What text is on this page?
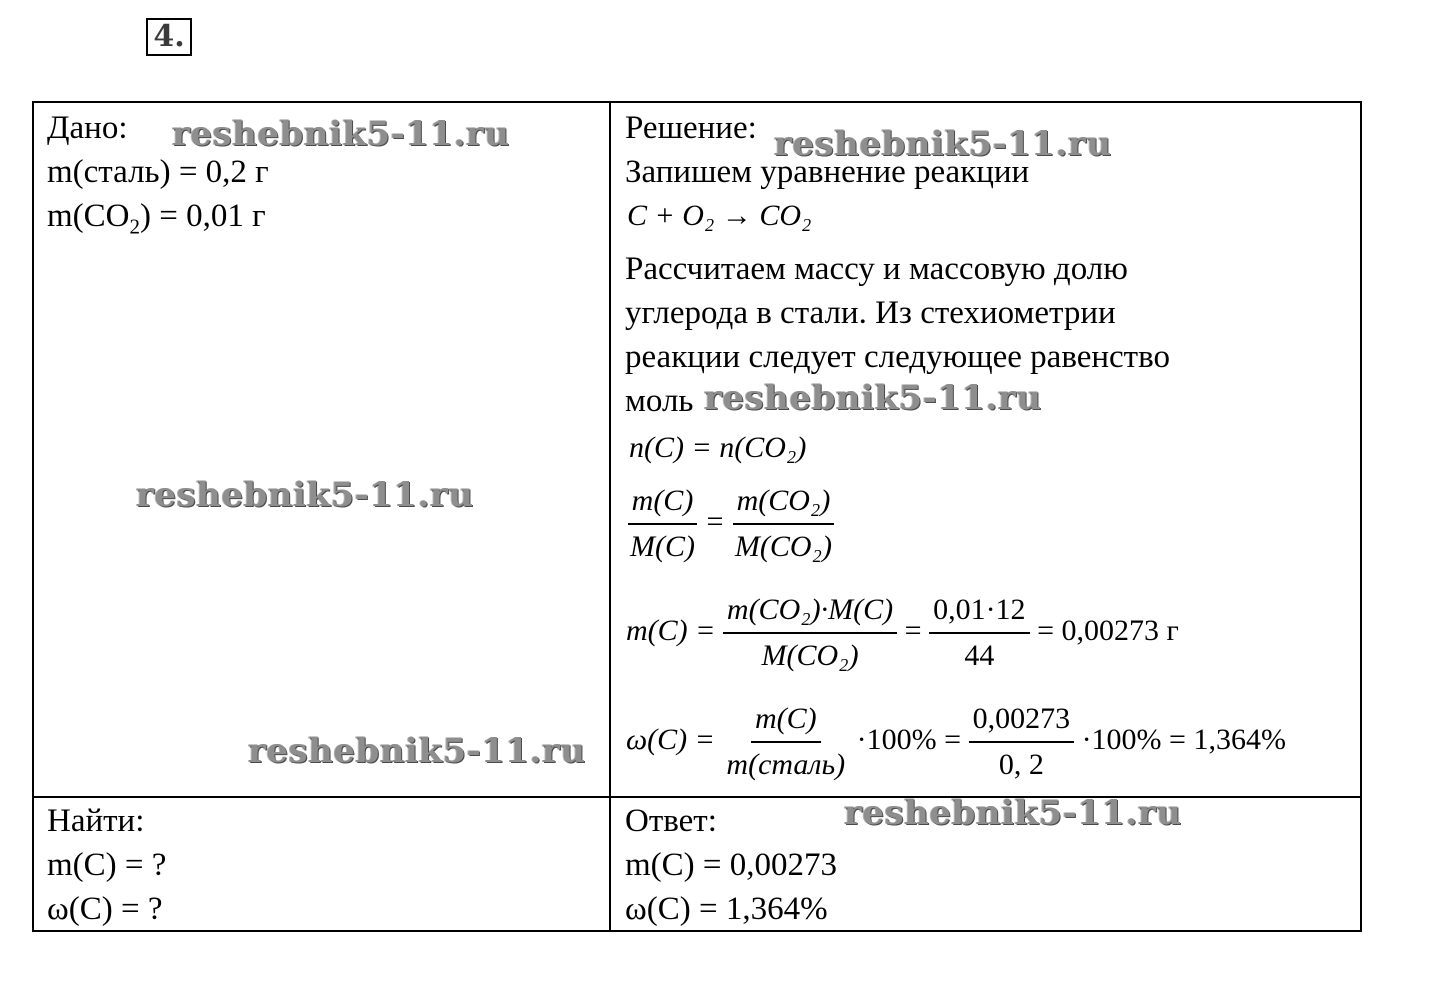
4.
Дано:
m(сталь) = 0,2 г
$m(CO_2) = 0,01$ г
Найти:
m(C) = ?
ω(C) = ?
Решение:
Запишем уравнение реакции
C + O₂ → CO₂
Рассчитаем массу и массовую долю
углерода в стали. Из стехиометрии
реакции следует следующее равенство
моль
n(C) = n(CO₂)
$\frac{m(C)}{M(C)} = \frac{\text{m(CO₂)}}{\text{M(CO₂)}}$
$m(C) = \frac{\text{m(CO₂)·M(C)}}{\text{M(CO₂)}} = \frac{0,01\cdot 12}{44} = 0,00273$ г
$\omega(C) = \frac{m(C)}{\text{m(сталь)}} \cdot 100\% = \frac{0,00273}{0, 2} \cdot 100\% = 1,364\%$
Ответ:
m(C) = 0,00273
ω(C) = 1,364%
reshebnik5-11.ru	reshebnik5-11.ru
reshebnik5-11.ru
reshebnik5-11.ru
reshebnik5-11.ru
reshebnik5-11.ru
